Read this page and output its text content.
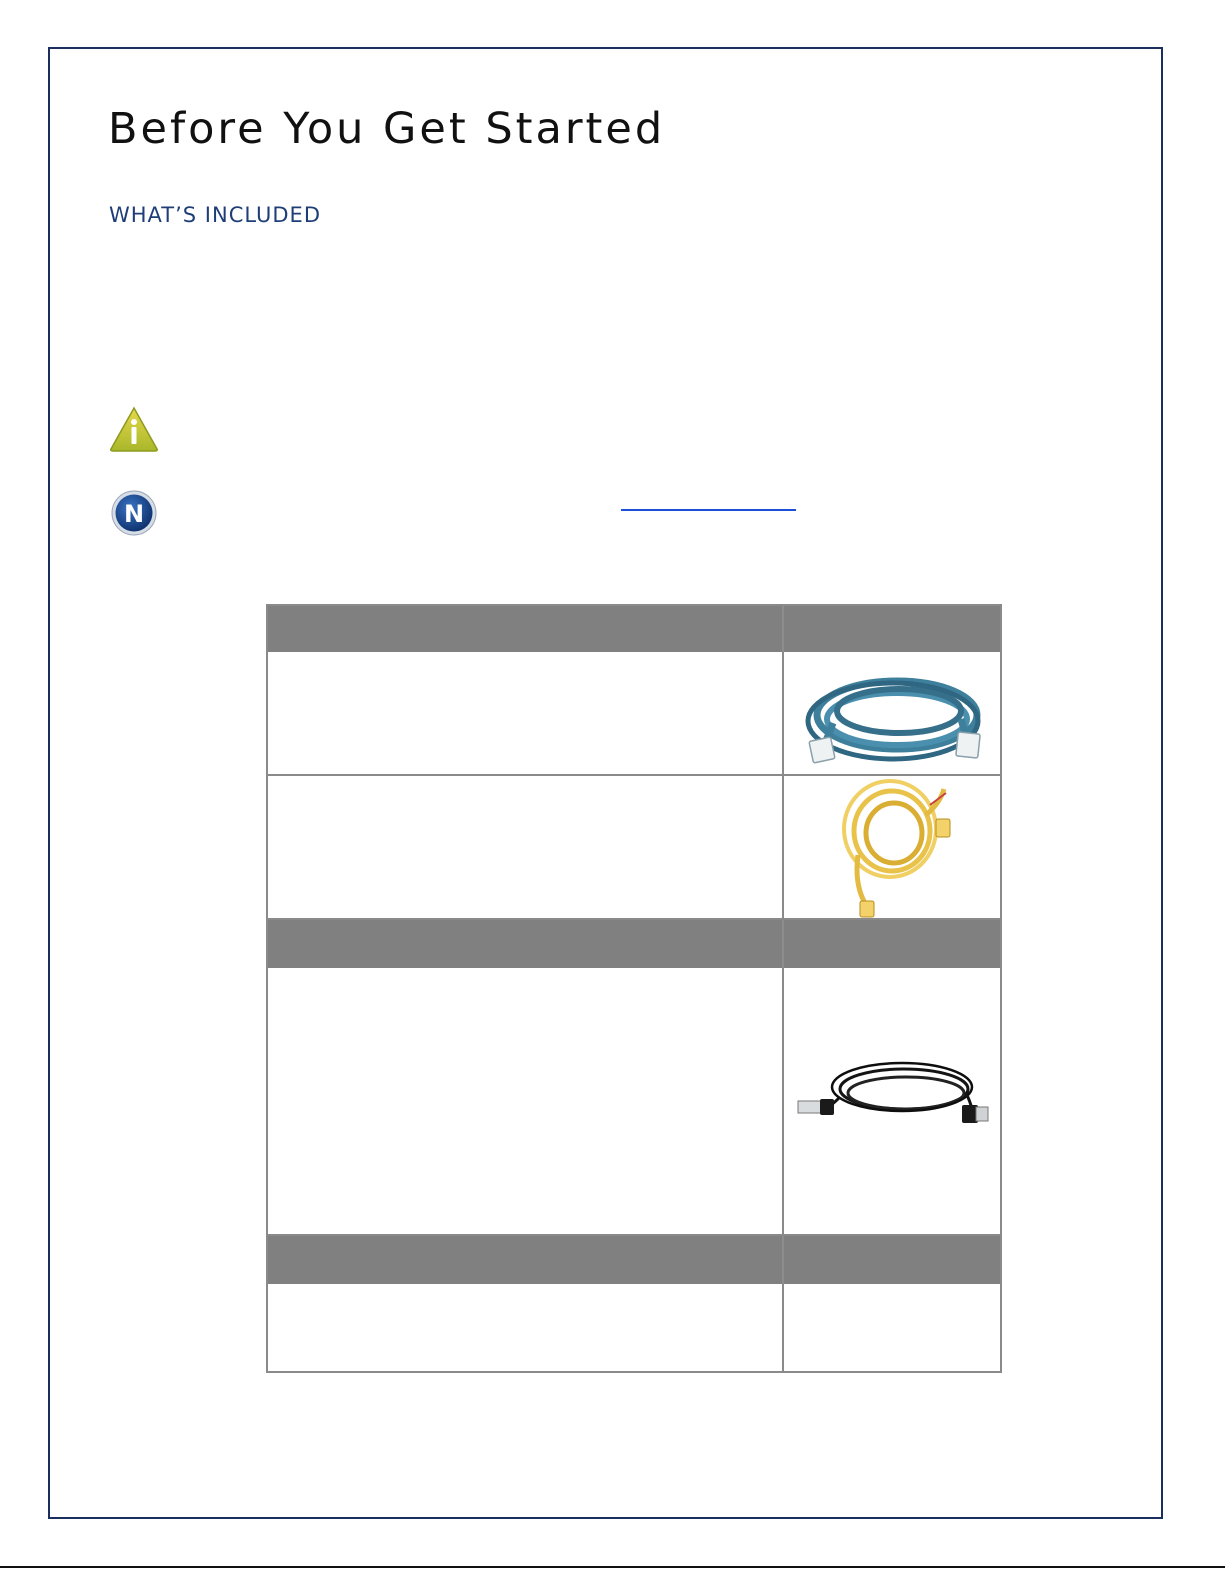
Before You Get Started
WHAT’S INCLUDED
N
